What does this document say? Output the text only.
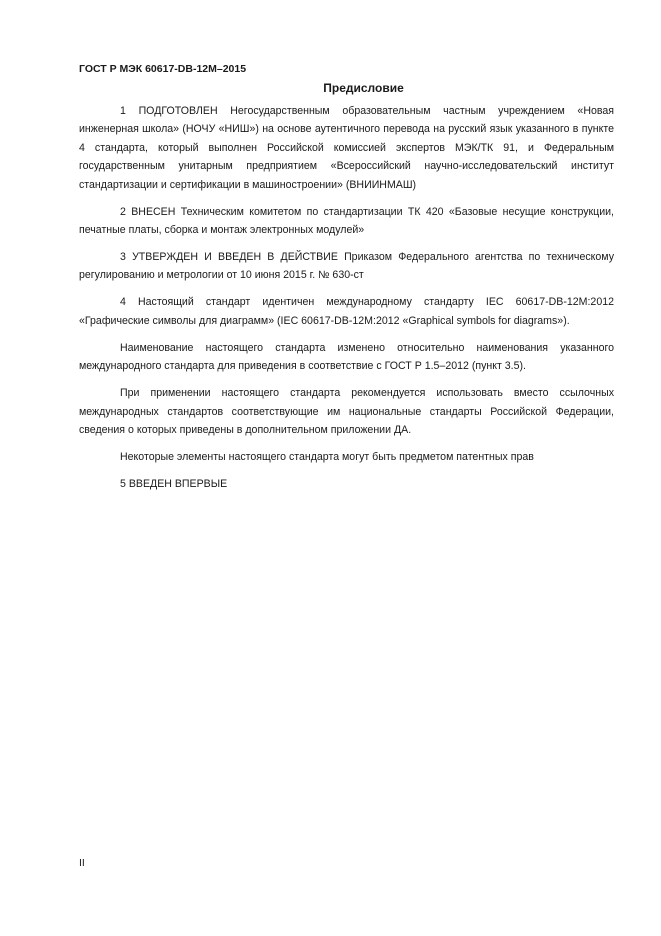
ГОСТ Р МЭК 60617-DB-12M–2015

Предисловие

1 ПОДГОТОВЛЕН Негосударственным образовательным частным учреждением «Новая инженерная школа» (НОЧУ «НИШ») на основе аутентичного перевода на русский язык указанного в пункте 4 стандарта, который выполнен Российской комиссией экспертов МЭК/ТК 91, и Федеральным государственным унитарным предприятием «Всероссийский научно-исследовательский институт стандартизации и сертификации в машиностроении» (ВНИИНМАШ)

2 ВНЕСЕН Техническим комитетом по стандартизации ТК 420 «Базовые несущие конструкции, печатные платы, сборка и монтаж электронных модулей»

3 УТВЕРЖДЕН И ВВЕДЕН В ДЕЙСТВИЕ Приказом Федерального агентства по техническому регулированию и метрологии от 10 июня 2015 г. № 630-ст

4 Настоящий стандарт идентичен международному стандарту IEC 60617-DB-12M:2012 «Графические символы для диаграмм» (IEC 60617-DB-12M:2012 «Graphical symbols for diagrams»).

Наименование настоящего стандарта изменено относительно наименования указанного международного стандарта для приведения в соответствие с ГОСТ Р 1.5–2012 (пункт 3.5).

При применении настоящего стандарта рекомендуется использовать вместо ссылочных международных стандартов соответствующие им национальные стандарты Российской Федерации, сведения о которых приведены в дополнительном приложении ДА.

Некоторые элементы настоящего стандарта могут быть предметом патентных прав

5 ВВЕДЕН ВПЕРВЫЕ

II
